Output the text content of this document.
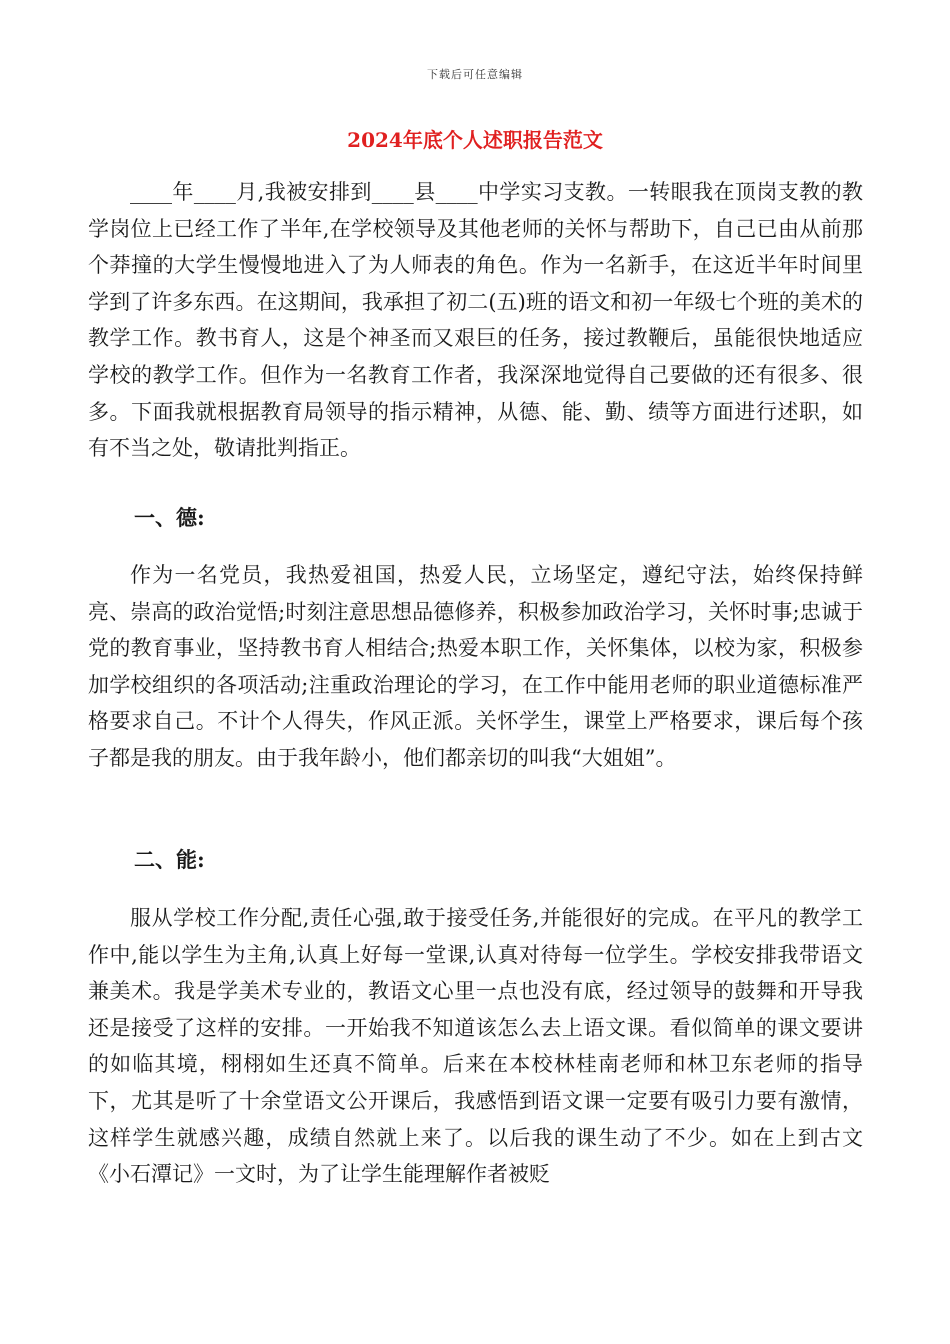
下载后可任意编辑
2024年底个人述职报告范文

____年____月,我被安排到____县____中学实习支教。一转眼我在顶岗支教的教学岗位上已经工作了半年,在学校领导及其他老师的关怀与帮助下，自己已由从前那个莽撞的大学生慢慢地进入了为人师表的角色。作为一名新手，在这近半年时间里学到了许多东西。在这期间，我承担了初二(五)班的语文和初一年级七个班的美术的教学工作。教书育人，这是个神圣而又艰巨的任务，接过教鞭后，虽能很快地适应学校的教学工作。但作为一名教育工作者，我深深地觉得自己要做的还有很多、很多。下面我就根据教育局领导的指示精神，从德、能、勤、绩等方面进行述职，如有不当之处，敬请批判指正。

一、德:

作为一名党员，我热爱祖国，热爱人民，立场坚定，遵纪守法，始终保持鲜亮、崇高的政治觉悟;时刻注意思想品德修养，积极参加政治学习，关怀时事;忠诚于党的教育事业，坚持教书育人相结合;热爱本职工作，关怀集体，以校为家，积极参加学校组织的各项活动;注重政治理论的学习，在工作中能用老师的职业道德标准严格要求自己。不计个人得失，作风正派。关怀学生，课堂上严格要求，课后每个孩子都是我的朋友。由于我年龄小，他们都亲切的叫我“大姐姐”。

二、能:

服从学校工作分配,责任心强,敢于接受任务,并能很好的完成。在平凡的教学工作中,能以学生为主角,认真上好每一堂课,认真对待每一位学生。学校安排我带语文兼美术。我是学美术专业的，教语文心里一点也没有底，经过领导的鼓舞和开导我还是接受了这样的安排。一开始我不知道该怎么去上语文课。看似简单的课文要讲的如临其境，栩栩如生还真不简单。后来在本校林桂南老师和林卫东老师的指导下，尤其是听了十余堂语文公开课后，我感悟到语文课一定要有吸引力要有激情，这样学生就感兴趣，成绩自然就上来了。以后我的课生动了不少。如在上到古文《小石潭记》一文时，为了让学生能理解作者被贬
